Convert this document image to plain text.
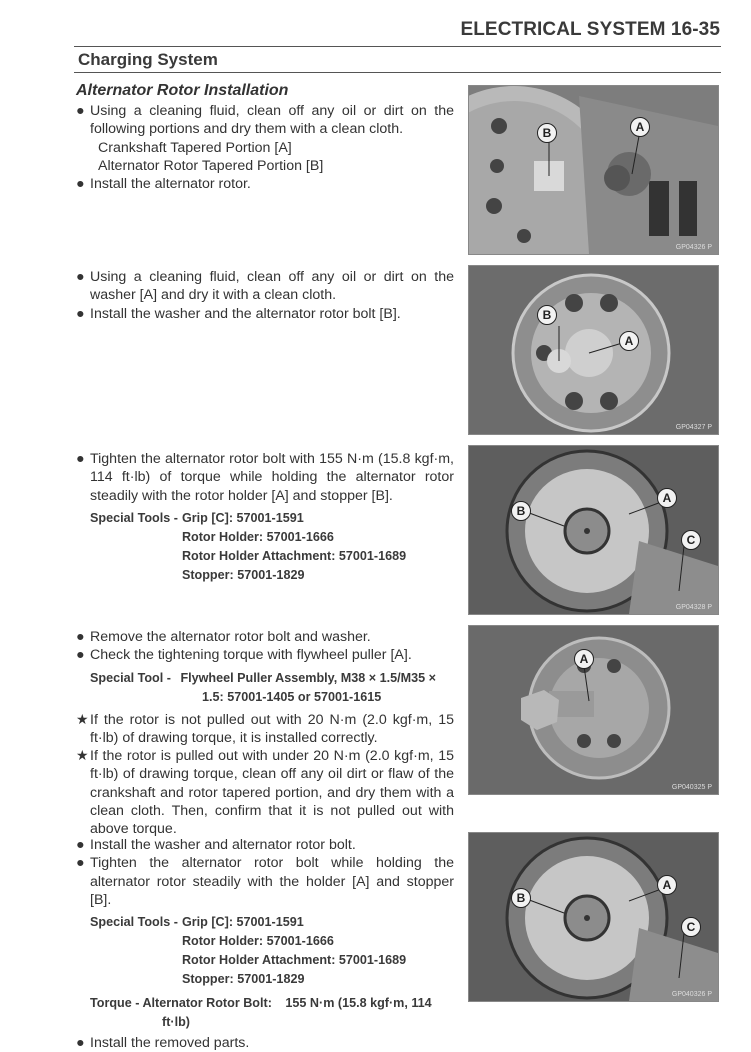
ELECTRICAL SYSTEM 16-35
Charging System
Alternator Rotor Installation
● Using a cleaning fluid, clean off any oil or dirt on the following portions and dry them with a clean cloth.
Crankshaft Tapered Portion [A]
Alternator Rotor Tapered Portion [B]
● Install the alternator rotor.
● Using a cleaning fluid, clean off any oil or dirt on the washer [A] and dry it with a clean cloth.
● Install the washer and the alternator rotor bolt [B].
● Tighten the alternator rotor bolt with 155 N·m (15.8 kgf·m, 114 ft·lb) of torque while holding the alternator rotor steadily with the rotor holder [A] and stopper [B].
Special Tools - Grip [C]: 57001-1591
Rotor Holder: 57001-1666
Rotor Holder Attachment: 57001-1689
Stopper: 57001-1829
● Remove the alternator rotor bolt and washer.
● Check the tightening torque with flywheel puller [A].
Special Tool - Flywheel Puller Assembly, M38 × 1.5/M35 ×
1.5: 57001-1405 or 57001-1615
★ If the rotor is not pulled out with 20 N·m (2.0 kgf·m, 15 ft·lb) of drawing torque, it is installed correctly.
★ If the rotor is pulled out with under 20 N·m (2.0 kgf·m, 15 ft·lb) of drawing torque, clean off any oil dirt or flaw of the crankshaft and rotor tapered portion, and dry them with a clean cloth. Then, confirm that it is not pulled out with above torque.
● Install the washer and alternator rotor bolt.
● Tighten the alternator rotor bolt while holding the alternator rotor steadily with the holder [A] and stopper [B].
Special Tools - Grip [C]: 57001-1591
Rotor Holder: 57001-1666
Rotor Holder Attachment: 57001-1689
Stopper: 57001-1829
Torque - Alternator Rotor Bolt: 155 N·m (15.8 kgf·m, 114
ft·lb)
● Install the removed parts.
B	A
GP04326 P
B
A
GP04327 P
B
A
C
GP04328 P
A
GP040325 P
B
A
C
GP040326 P
